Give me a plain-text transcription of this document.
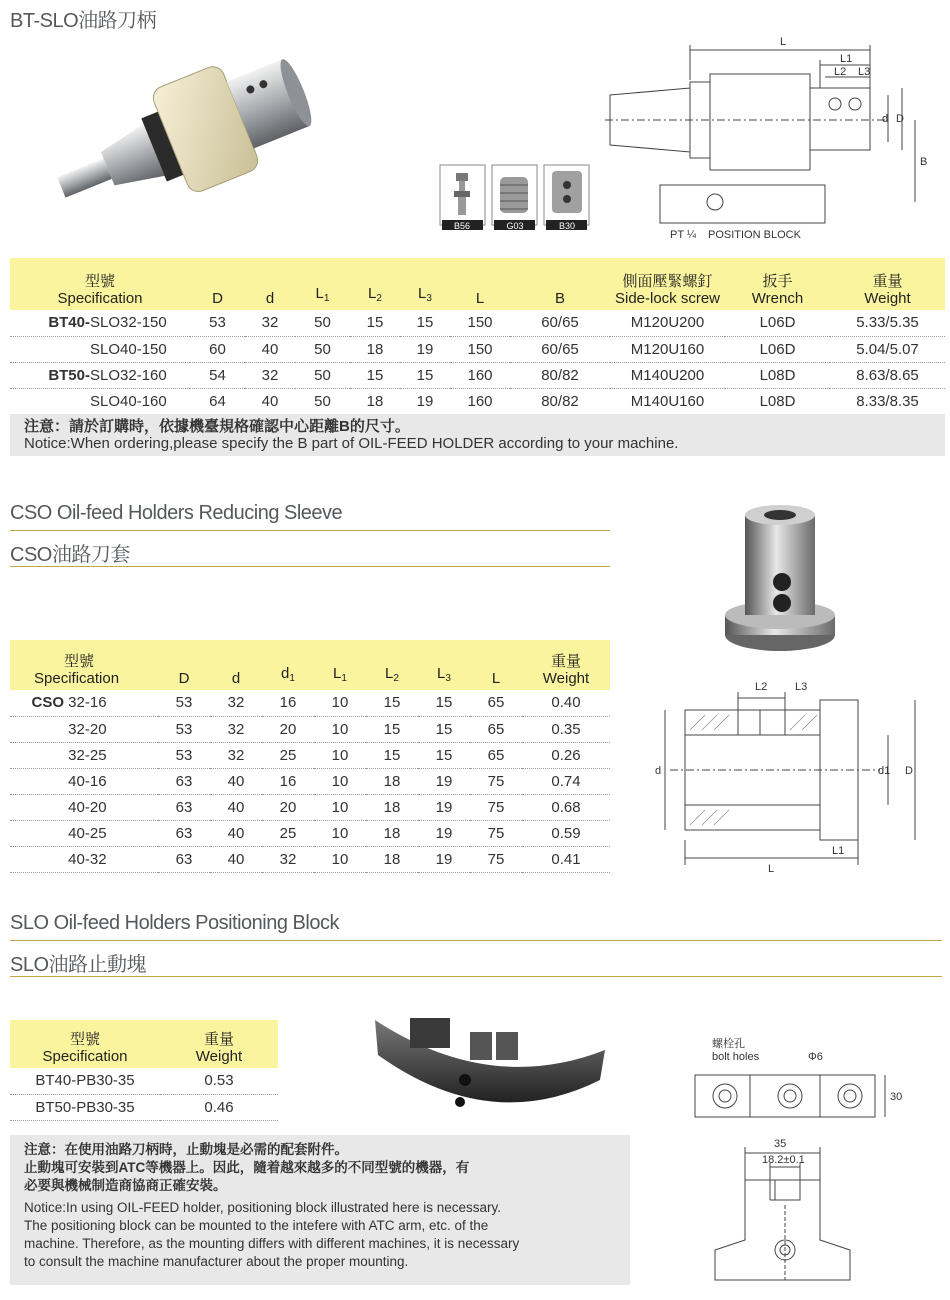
BT-SLO油路刀柄
B56	G03	B30
L
L1
L2 L3
d D
B
PT ¼ POSITION BLOCK
型號
Specification	D	d	$L_1$	$L_2$	$L_3$	L	B	側面壓緊螺釘
Side-lock screw	扳手
Wrench	重量
Weight
BT40-SLO32-150	53	32	50	15	15	150	60/65	M120U200	L06D	5.33/5.35
SLO40-150	60	40	50	18	19	150	60/65	M120U160	L06D	5.04/5.07
BT50-SLO32-160	54	32	50	15	15	160	80/82	M140U200	L08D	8.63/8.65
SLO40-160	64	40	50	18	19	160	80/82	M140U160	L08D	8.33/8.35
注意：請於訂購時，依據機臺規格確認中心距離B的尺寸。
Notice:When ordering,please specify the B part of OIL-FEED HOLDER according to your machine.
CSO Oil-feed Holders Reducing Sleeve
CSO油路刀套
型號
Specification	D	d	$d_1$	$L_1$	$L_2$	$L_3$	L	重量
Weight
CSO 32-16	53	32	16	10	15	15	65	0.40
32-20	53	32	20	10	15	15	65	0.35
32-25	53	32	25	10	15	15	65	0.26
40-16	63	40	16	10	18	19	75	0.74
40-20	63	40	20	10	18	19	75	0.68
40-25	63	40	25	10	18	19	75	0.59
40-32	63	40	32	10	18	19	75	0.41
L2	L3
d	d1 D
L
L1
SLO Oil-feed Holders Positioning Block
SLO油路止動塊
型號
Specification	重量
Weight
BT40-PB30-35	0.53
BT50-PB30-35	0.46
螺栓孔
bolt holes	Φ6
30
35
18.2±0.1
注意：在使用油路刀柄時，止動塊是必需的配套附件。
止動塊可安裝到ATC等機器上。因此，隨着越來越多的不同型號的機器，有
必要與機械制造商協商正確安裝。
Notice:In using OIL-FEED holder, positioning block illustrated here is necessary.
The positioning block can be mounted to the intefere with ATC arm, etc. of the
machine. Therefore, as the mounting differs with different machines, it is necessary
to consult the machine manufacturer about the proper mounting.
